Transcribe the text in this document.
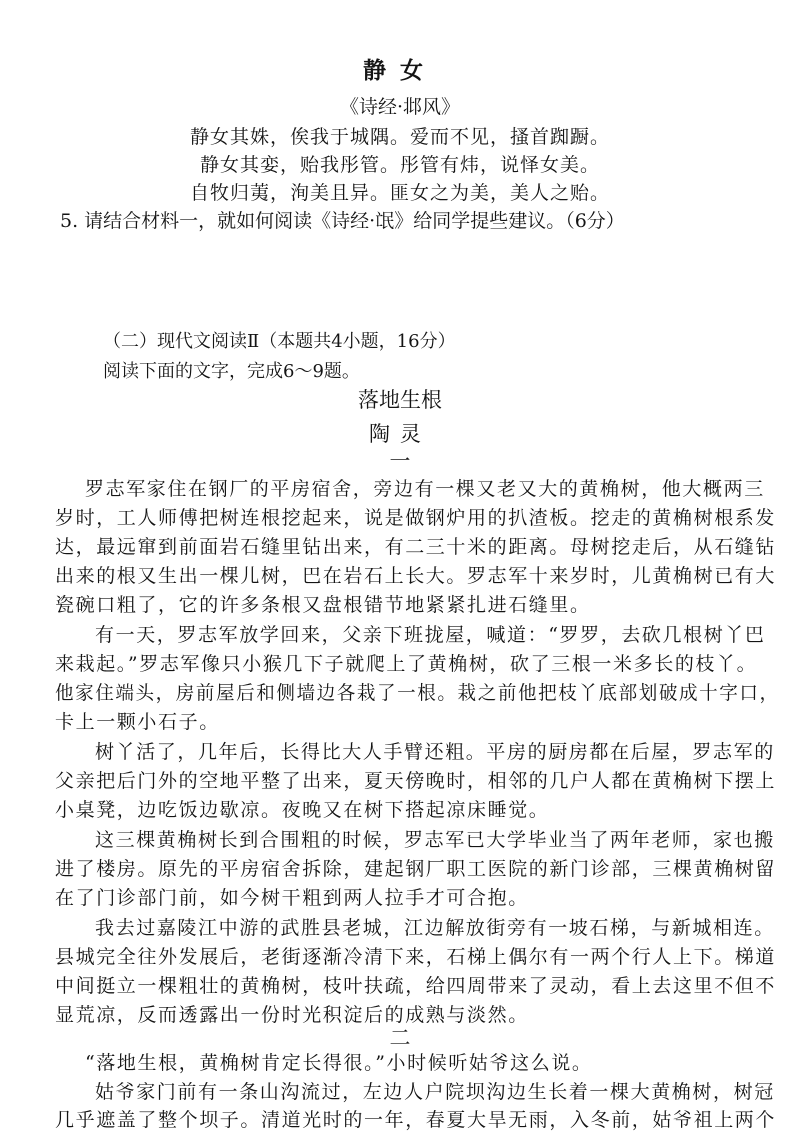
静女
《诗经·邶风》
静女其姝，俟我于城隅。爱而不见，搔首踟蹰。
静女其娈，贻我彤管。彤管有炜，说怿女美。
自牧归荑，洵美且异。匪女之为美，美人之贻。
5. 请结合材料一，就如何阅读《诗经·氓》给同学提些建议。（6分）
（二）现代文阅读Ⅱ（本题共4小题，16分）
阅读下面的文字，完成6～9题。
落地生根
陶灵
一
罗志军家住在钢厂的平房宿舍，旁边有一棵又老又大的黄桷树，他大概两三
岁时，工人师傅把树连根挖起来，说是做钢炉用的扒渣板。挖走的黄桷树根系发
达，最远窜到前面岩石缝里钻出来，有二三十米的距离。母树挖走后，从石缝钻
出来的根又生出一棵儿树，巴在岩石上长大。罗志军十来岁时，儿黄桷树已有大
瓷碗口粗了，它的许多条根又盘根错节地紧紧扎进石缝里。
有一天，罗志军放学回来，父亲下班拢屋，喊道：“罗罗，去砍几根树丫巴
来栽起。”罗志军像只小猴几下子就爬上了黄桷树，砍了三根一米多长的枝丫。
他家住端头，房前屋后和侧墙边各栽了一根。栽之前他把枝丫底部划破成十字口，
卡上一颗小石子。
树丫活了，几年后，长得比大人手臂还粗。平房的厨房都在后屋，罗志军的
父亲把后门外的空地平整了出来，夏天傍晚时，相邻的几户人都在黄桷树下摆上
小桌凳，边吃饭边歇凉。夜晚又在树下搭起凉床睡觉。
这三棵黄桷树长到合围粗的时候，罗志军已大学毕业当了两年老师，家也搬
进了楼房。原先的平房宿舍拆除，建起钢厂职工医院的新门诊部，三棵黄桷树留
在了门诊部门前，如今树干粗到两人拉手才可合抱。
我去过嘉陵江中游的武胜县老城，江边解放街旁有一坡石梯，与新城相连。
县城完全往外发展后，老街逐渐冷清下来，石梯上偶尔有一两个行人上下。梯道
中间挺立一棵粗壮的黄桷树，枝叶扶疏，给四周带来了灵动，看上去这里不但不
显荒凉，反而透露出一份时光积淀后的成熟与淡然。
二
“落地生根，黄桷树肯定长得很。”小时候听姑爷这么说。
姑爷家门前有一条山沟流过，左边人户院坝沟边生长着一棵大黄桷树，树冠
几乎遮盖了整个坝子。清道光时的一年，春夏大旱无雨，入冬前，姑爷祖上两个
